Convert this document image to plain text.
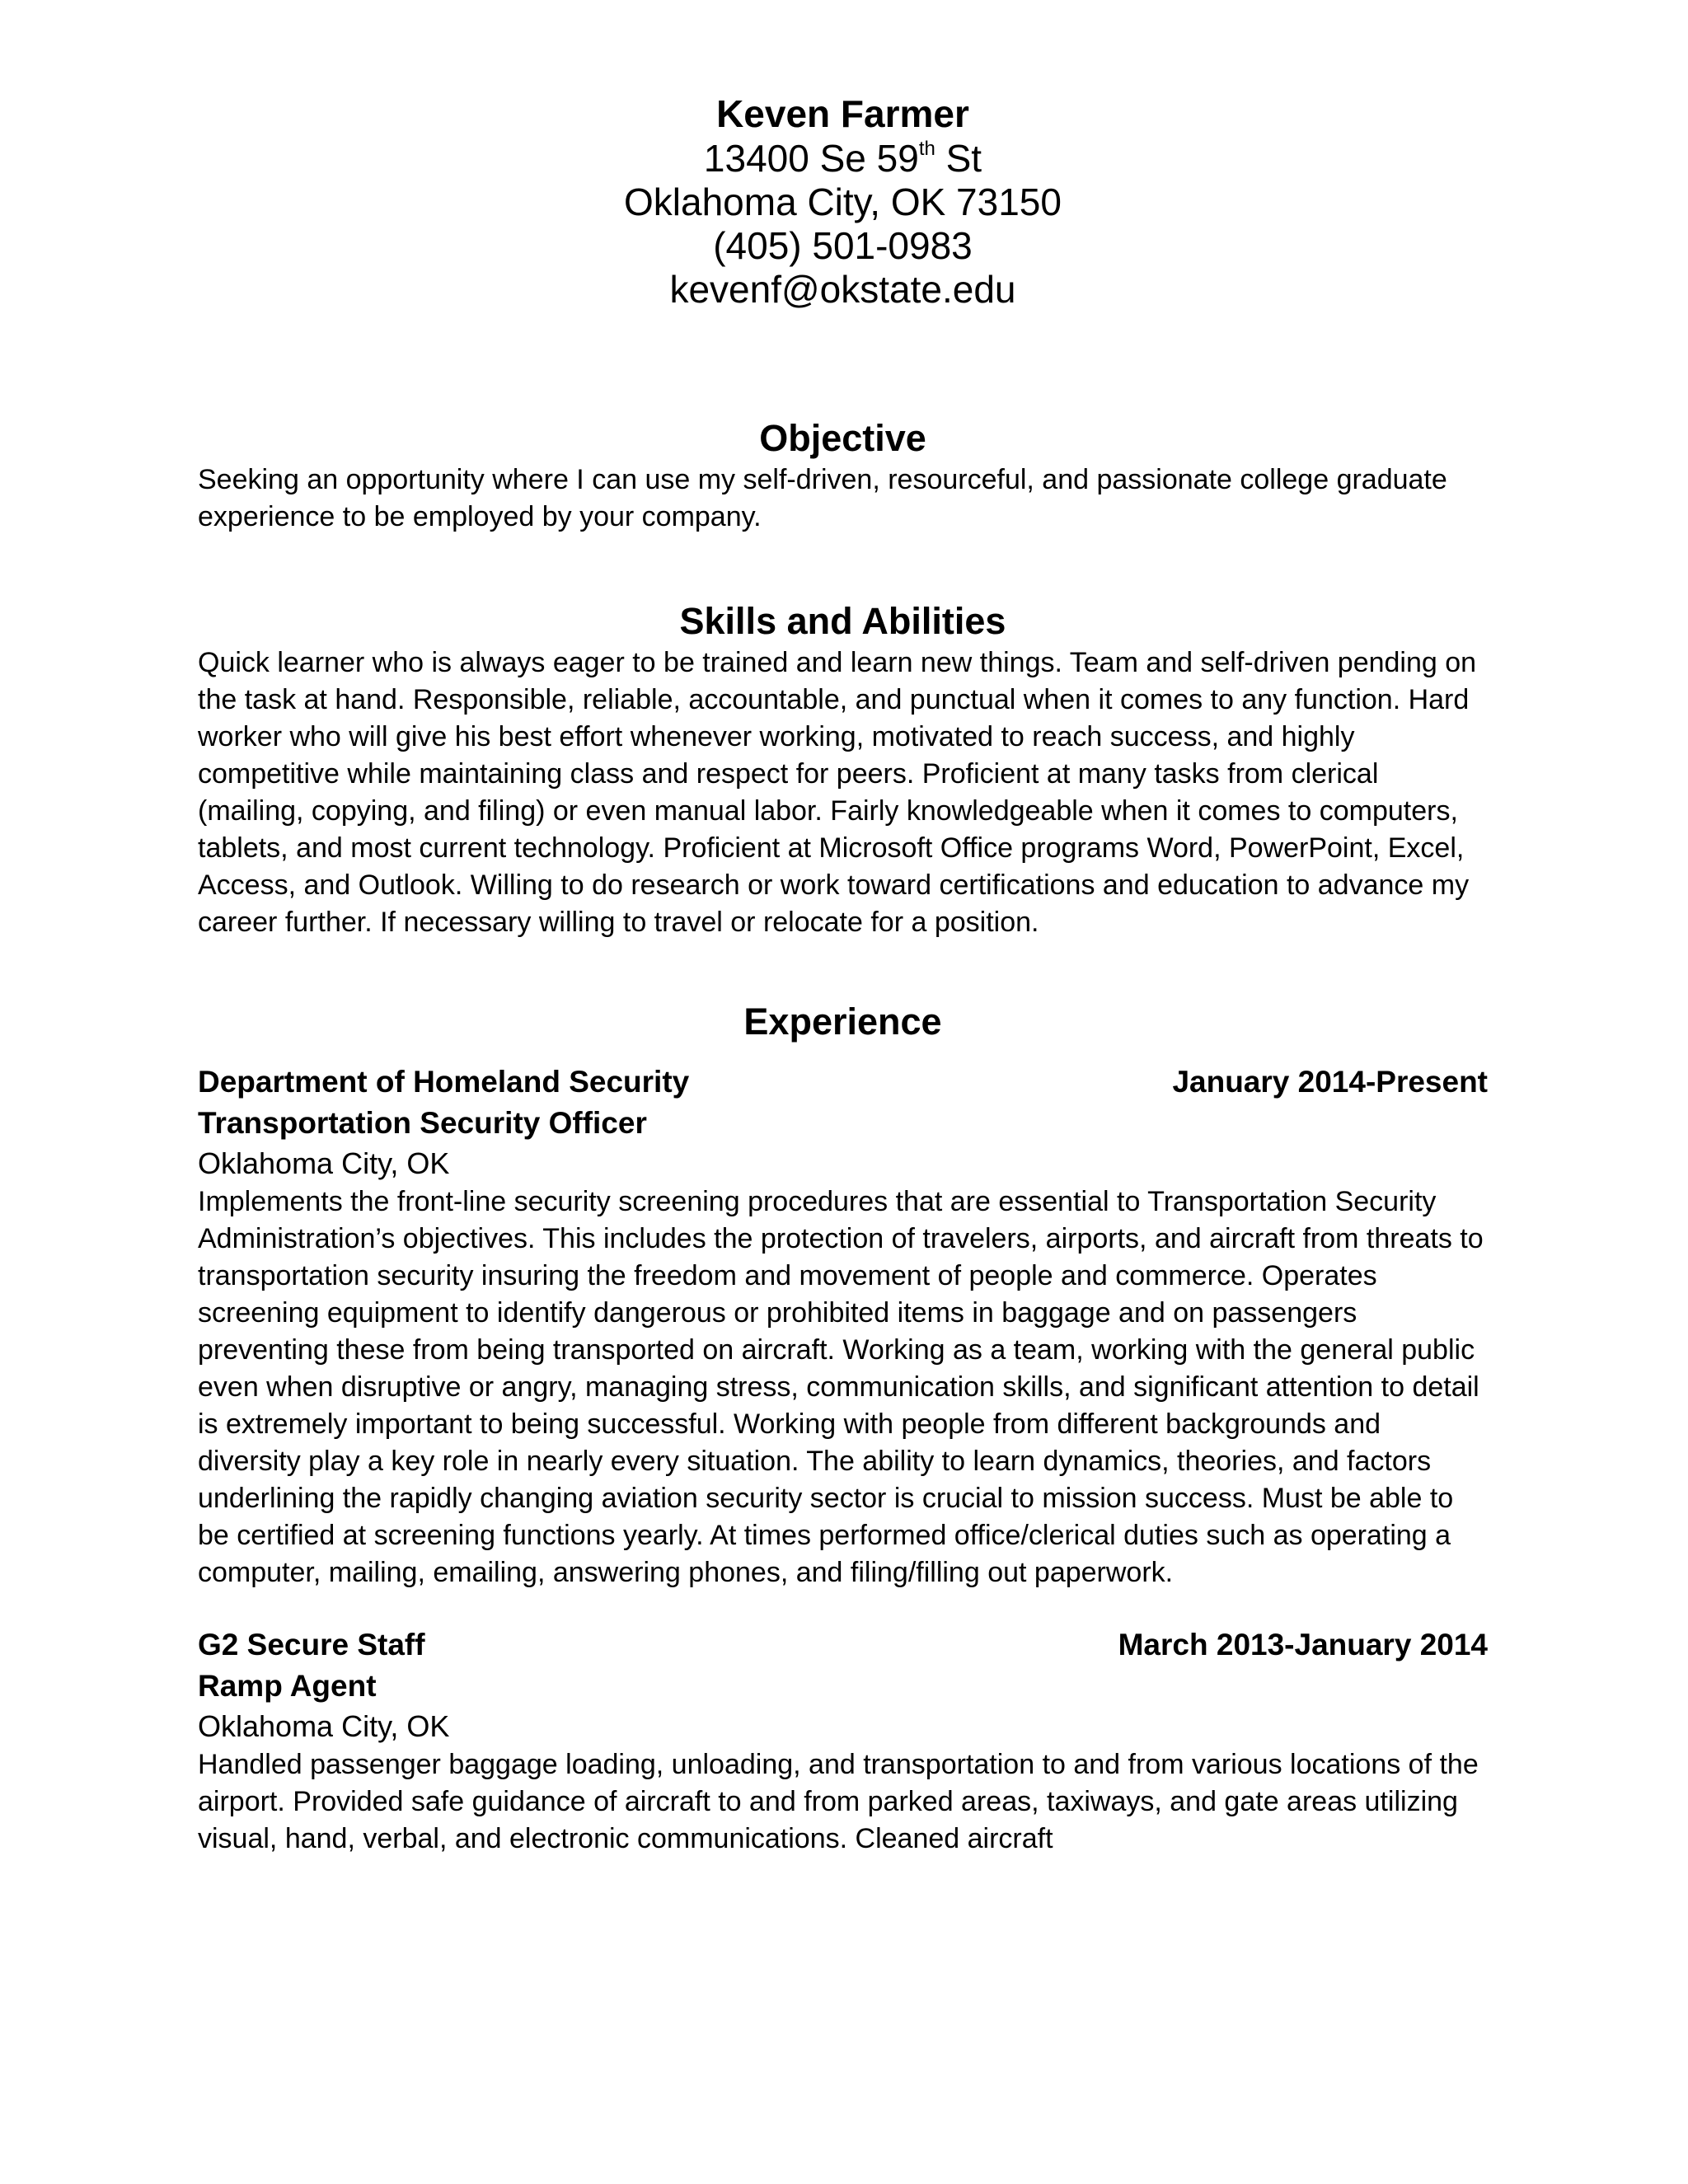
Keven Farmer

13400 Se 59th St

Oklahoma City, OK 73150

(405) 501-0983

kevenf@okstate.edu

Objective

Seeking an opportunity where I can use my self-driven, resourceful, and passionate college graduate experience to be employed by your company.

Skills and Abilities

Quick learner who is always eager to be trained and learn new things. Team and self-driven pending on the task at hand. Responsible, reliable, accountable, and punctual when it comes to any function. Hard worker who will give his best effort whenever working, motivated to reach success, and highly competitive while maintaining class and respect for peers. Proficient at many tasks from clerical (mailing, copying, and filing) or even manual labor. Fairly knowledgeable when it comes to computers, tablets, and most current technology. Proficient at Microsoft Office programs Word, PowerPoint, Excel, Access, and Outlook. Willing to do research or work toward certifications and education to advance my career further. If necessary willing to travel or relocate for a position.

Experience
Department of Homeland Security	January 2014-Present

Transportation Security Officer

Oklahoma City, OK

Implements the front-line security screening procedures that are essential to Transportation Security Administration’s objectives. This includes the protection of travelers, airports, and aircraft from threats to transportation security insuring the freedom and movement of people and commerce. Operates screening equipment to identify dangerous or prohibited items in baggage and on passengers preventing these from being transported on aircraft. Working as a team, working with the general public even when disruptive or angry, managing stress, communication skills, and significant attention to detail is extremely important to being successful. Working with people from different backgrounds and diversity play a key role in nearly every situation. The ability to learn dynamics, theories, and factors underlining the rapidly changing aviation security sector is crucial to mission success. Must be able to be certified at screening functions yearly. At times performed office/clerical duties such as operating a computer, mailing, emailing, answering phones, and filing/filling out paperwork.

G2 Secure Staff	March 2013-January 2014

Ramp Agent

Oklahoma City, OK

Handled passenger baggage loading, unloading, and transportation to and from various locations of the airport. Provided safe guidance of aircraft to and from parked areas, taxiways, and gate areas utilizing visual, hand, verbal, and electronic communications. Cleaned aircraft
